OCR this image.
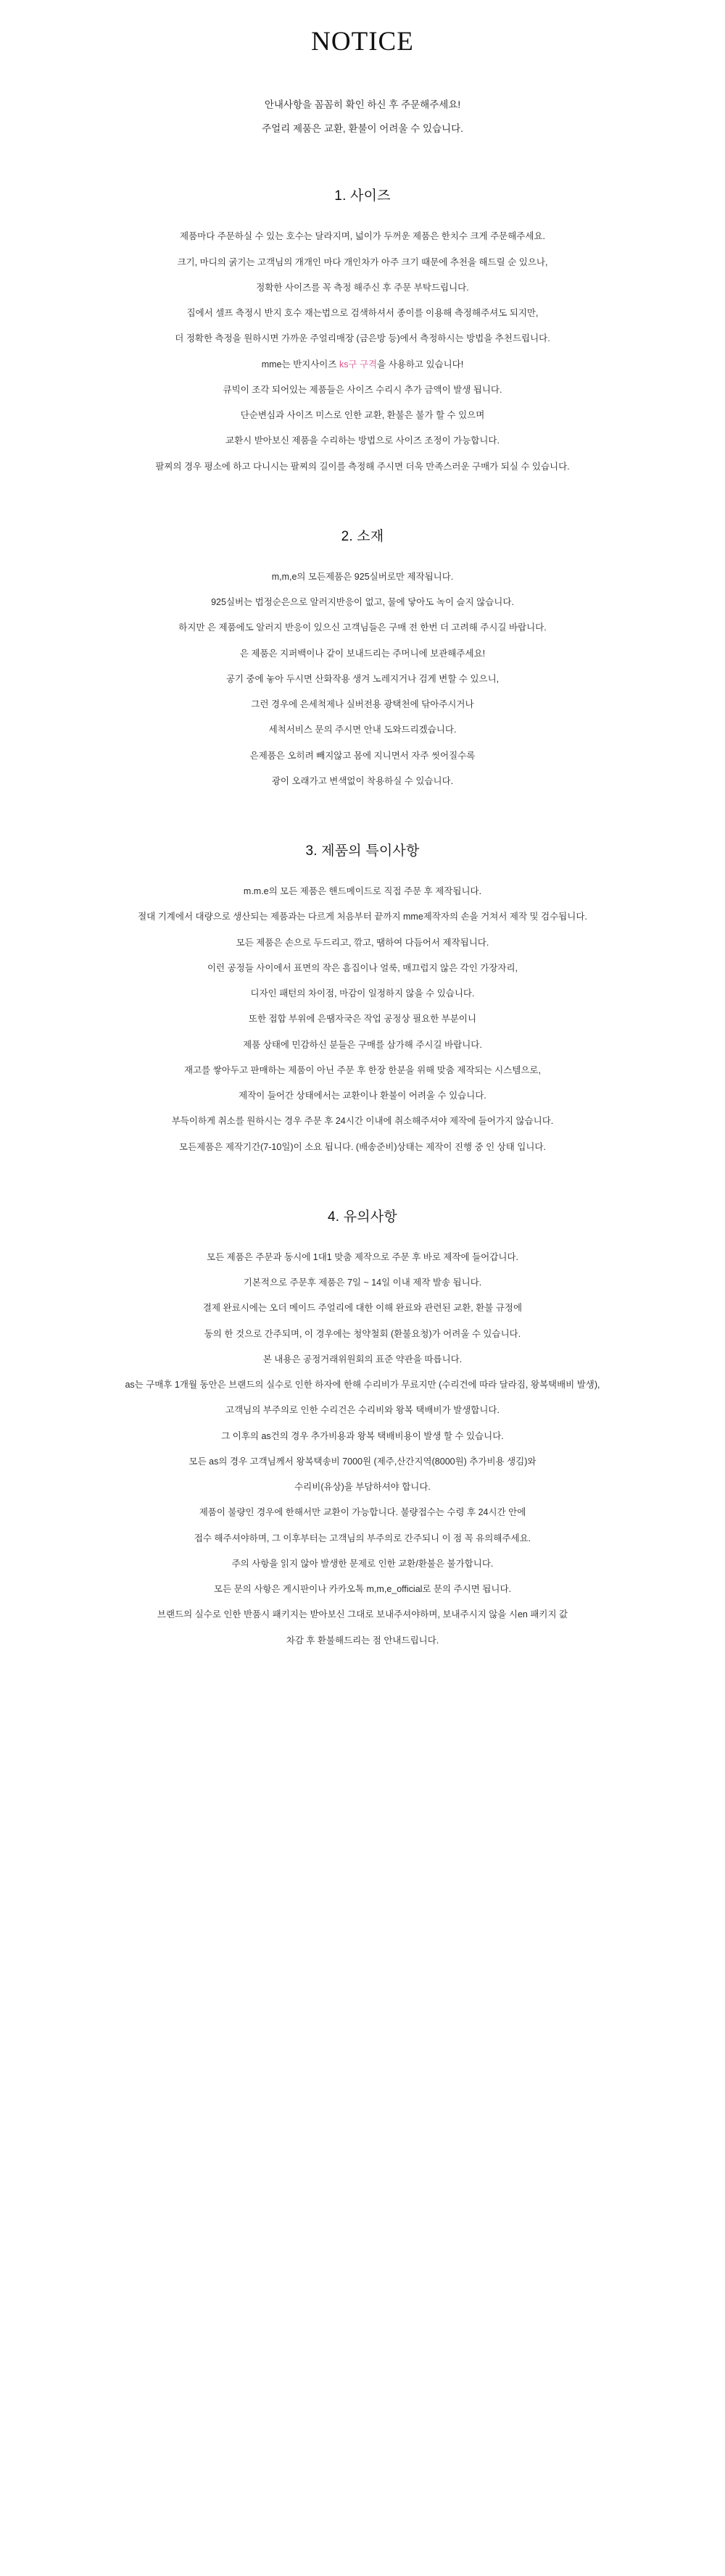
NOTICE

안내사항을 꼼꼼히 확인 하신 후 주문해주세요!

주얼리 제품은 교환, 환불이 어려울 수 있습니다.

1. 사이즈

제품마다 주문하실 수 있는 호수는 달라지며, 넓이가 두꺼운 제품은 한치수 크게 주문해주세요.

크기, 마디의 굵기는 고객님의 개개인 마다 개인차가 아주 크기 때문에 추천을 해드릴 순 있으나,

정확한 사이즈를 꼭 측정 해주신 후 주문 부탁드립니다.

집에서 셀프 측정시 반지 호수 재는법으로 검색하셔서 종이를 이용해 측정해주셔도 되지만,

더 정확한 측정을 원하시면 가까운 주얼리매장 (금은방 등)에서 측정하시는 방법을 추천드립니다.

mme는 반지사이즈 ks구 구격을 사용하고 있습니다!

큐빅이 조각 되어있는 제품들은 사이즈 수리시 추가 금액이 발생 됩니다.

단순변심과 사이즈 미스로 인한 교환, 환불은 불가 할 수 있으며

교환시 받아보신 제품을 수리하는 방법으로 사이즈 조정이 가능합니다.

팔찌의 경우 평소에 하고 다니시는 팔찌의 길이를 측정해 주시면 더욱 만족스러운 구매가 되실 수 있습니다.

2. 소재

m,m,e의 모든제품은 925실버로만 제작됩니다.

925실버는 법정순은으로 알러지반응이 없고, 물에 닿아도 녹이 슬지 않습니다.

하지만 은 제품에도 알러지 반응이 있으신 고객님들은 구매 전 한번 더 고려해 주시길 바랍니다.

은 제품은 지퍼백이나 같이 보내드리는 주머니에 보관해주세요!

공기 중에 놓아 두시면 산화작용 생겨 노레지거나 검게 변할 수 있으니,

그런 경우에 은세척제나 실버전용 광택천에 닦아주시거나

세척서비스 문의 주시면 안내 도와드리겠습니다.

은제품은 오히려 빼지않고 몸에 지니면서 자주 씻어질수록

광이 오래가고 변색없이 착용하실 수 있습니다.

3. 제품의 특이사항

m.m.e의 모든 제품은 핸드메이드로 직접 주문 후 제작됩니다.

절대 기계에서 대량으로 생산되는 제품과는 다르게 처음부터 끝까지 mme제작자의 손을 거쳐서 제작 및 검수됩니다.

모든 제품은 손으로 두드리고, 깎고, 땜하여 다듬어서 제작됩니다.

이런 공정들 사이에서 표면의 작은 흠집이나 얼룩, 매끄럽지 않은 각인 가장자리,

디자인 패턴의 차이점, 마감이 일정하지 않을 수 있습니다.

또한 접합 부위에 은땜자국은 작업 공정상 필요한 부분이니

제품 상태에 민감하신 분들은 구매를 삼가해 주시길 바랍니다.

재고를 쌓아두고 판매하는 제품이 아닌 주문 후 한장 한분을 위해 맞춤 제작되는 시스템으로,

제작이 들어간 상태에서는 교환이나 환불이 어려울 수 있습니다.

부득이하게 취소를 원하시는 경우 주문 후 24시간 이내에 취소해주셔야 제작에 들어가지 않습니다.

모든제품은 제작기간(7-10일)이 소요 됩니다. (배송준비)상태는 제작이 진행 중 인 상태 입니다.

4. 유의사항

모든 제품은 주문과 동시에 1대1 맞춤 제작으로 주문 후 바로 제작에 들어갑니다.

기본적으로 주문후 제품은 7일 ~ 14일 이내 제작 발송 됩니다.

결제 완료시에는 오더 메이드 주얼리에 대한 이해 완료와 관련된 교환, 환불 규정에

동의 한 것으로 간주되며, 이 경우에는 청약철회 (환불요청)가 어려울 수 있습니다.

본 내용은 공정거래위원회의 표준 약관을 따릅니다.

as는 구매후 1개월 동안은 브랜드의 실수로 인한 하자에 한해 수리비가 무료지만 (수리건에 따라 달라짐, 왕복택배비 발생),

고객님의 부주의로 인한 수리건은 수리비와 왕복 택배비가 발생합니다.

그 이후의 as건의 경우 추가비용과 왕복 택배비용이 발생 할 수 있습니다.

모든 as의 경우 고객님께서 왕복택송비 7000원 (제주,산간지역(8000원) 추가비용 생김)와

수리비(유상)을 부담하셔야 합니다.

제품이 불량인 경우에 한해서만 교환이 가능합니다. 불량접수는 수령 후 24시간 안에

접수 해주셔야하며, 그 이후부터는 고객님의 부주의로 간주되니 이 점 꼭 유의해주세요.

주의 사항을 읽지 않아 발생한 문제로 인한 교환/환불은 불가합니다.

모든 문의 사항은 게시판이나 카카오톡 m,m,e_official로 문의 주시면 됩니다.

브랜드의 실수로 인한 반품시 패키지는 받아보신 그대로 보내주셔야하며, 보내주시지 않을 시en 패키지 값

차감 후 환불해드리는 점 안내드립니다.
